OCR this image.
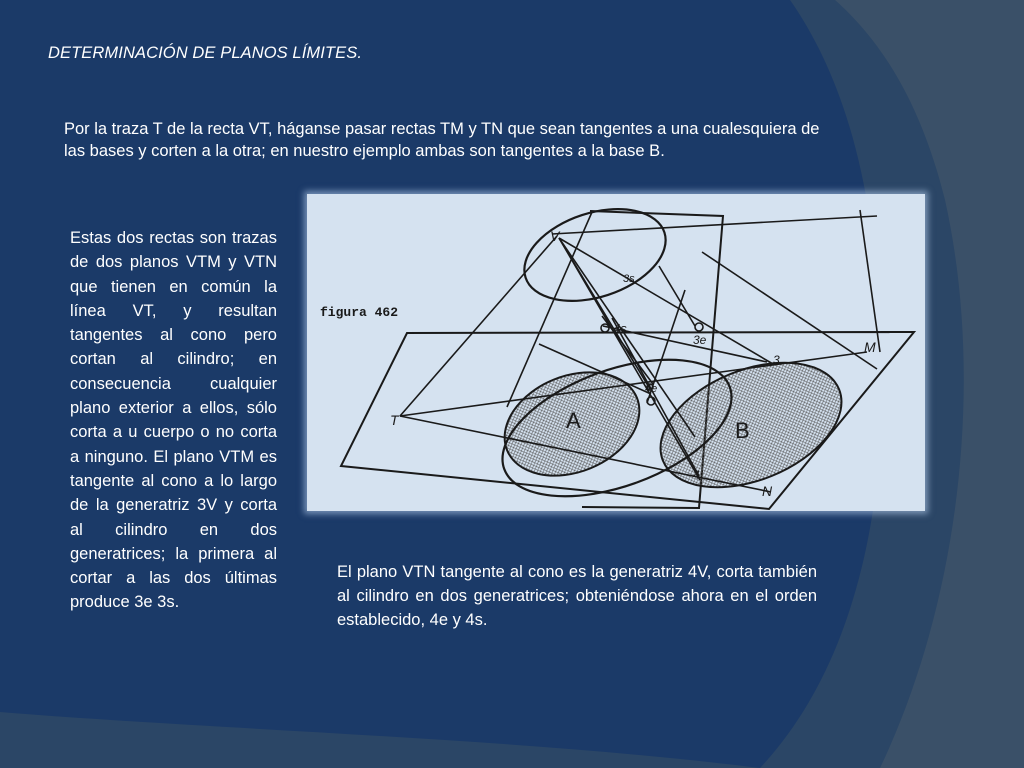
DETERMINACIÓN DE PLANOS LÍMITES.

Por la traza T de la recta VT, háganse pasar rectas TM y TN que sean tangentes a una cualesquiera de las bases y corten a la otra; en nuestro ejemplo ambas son tangentes a la base B.

Estas dos rectas son trazas de dos planos VTM y VTN que tienen en común la línea VT, y resultan tangentes al cono pero cortan al cilindro; en consecuencia cualquier plano exterior a ellos, sólo corta a u cuerpo o no corta a ninguno. El plano VTM es tangente al cono a lo largo de la generatriz 3V y corta al cilindro en dos generatrices; la primera al cortar a las dos últimas produce 3e 3s.

El plano VTN tangente al cono es la generatriz 4V, corta también al cilindro en dos generatrices; obteniéndose ahora en el orden establecido, 4e y 4s.

V
T
M
N
3s
4s
3e
3
4e
4
A	B
figura 462
